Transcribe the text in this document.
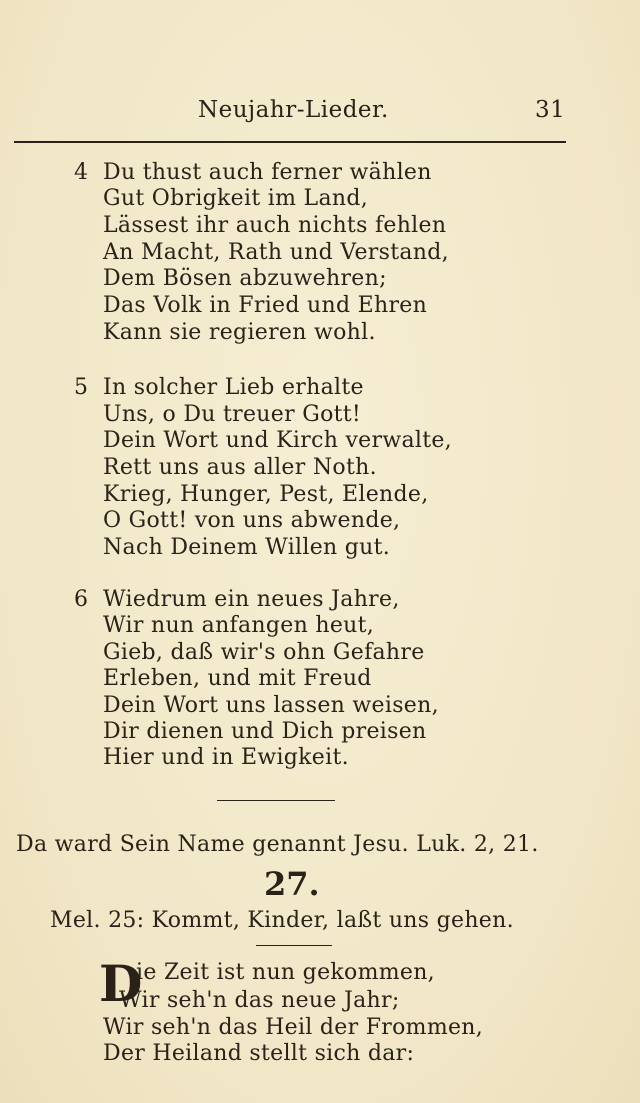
Neujahr-Lieder.	31
4 Du thust auch ferner wählen
Gut Obrigkeit im Land,
Lässest ihr auch nichts fehlen
An Macht, Rath und Verstand,
Dem Bösen abzuwehren;
Das Volk in Fried und Ehren
Kann sie regieren wohl.
5 In solcher Lieb erhalte
Uns, o Du treuer Gott!
Dein Wort und Kirch verwalte,
Rett uns aus aller Noth.
Krieg, Hunger, Pest, Elende,
O Gott! von uns abwende,
Nach Deinem Willen gut.
6 Wiedrum ein neues Jahre,
Wir nun anfangen heut,
Gieb, daß wir's ohn Gefahre
Erleben, und mit Freud
Dein Wort uns lassen weisen,
Dir dienen und Dich preisen
Hier und in Ewigkeit.
Da ward Sein Name genannt Jesu. Luk. 2, 21.
27.
Mel. 25: Kommt, Kinder, laßt uns gehen.
D
ie Zeit ist nun gekommen,
Wir seh'n das neue Jahr;
Wir seh'n das Heil der Frommen,
Der Heiland stellt sich dar:
